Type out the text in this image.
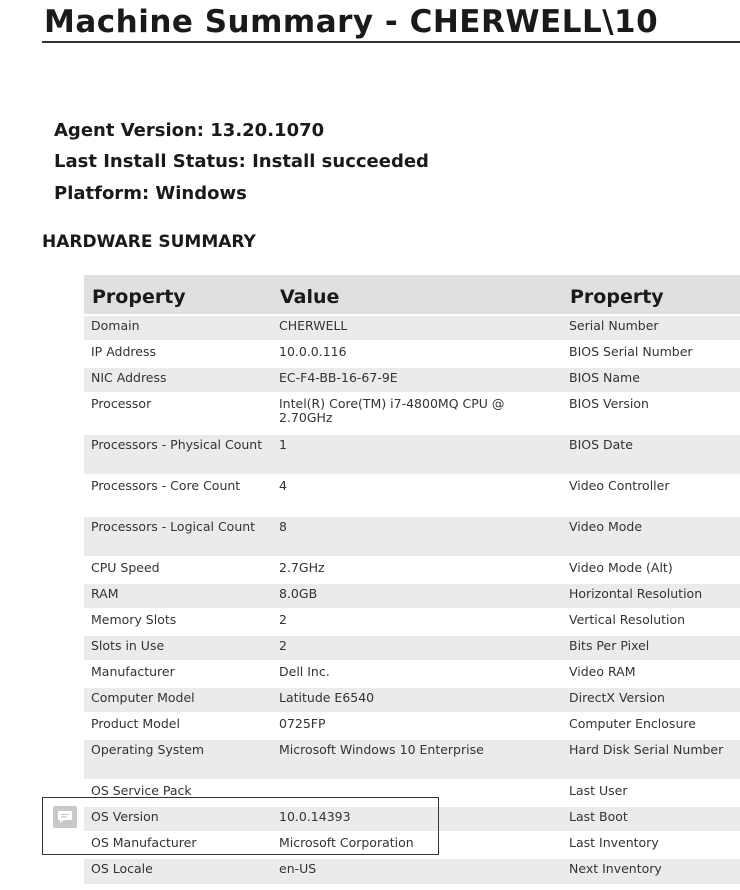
Machine Summary - CHERWELL\10
Agent Version: 13.20.1070
Last Install Status: Install succeeded
Platform: Windows
HARDWARE SUMMARY
Property	Value	Property
Domain	CHERWELL	Serial Number
IP Address	10.0.0.116	BIOS Serial Number
NIC Address	EC-F4-BB-16-67-9E	BIOS Name
Processor	Intel(R) Core(TM) i7-4800MQ CPU @ 2.70GHz	BIOS Version
Processors - Physical Count	1	BIOS Date
Processors - Core Count	4	Video Controller
Processors - Logical Count	8	Video Mode
CPU Speed	2.7GHz	Video Mode (Alt)
RAM	8.0GB	Horizontal Resolution
Memory Slots	2	Vertical Resolution
Slots in Use	2	Bits Per Pixel
Manufacturer	Dell Inc.	Video RAM
Computer Model	Latitude E6540	DirectX Version
Product Model	0725FP	Computer Enclosure
Operating System	Microsoft Windows 10 Enterprise	Hard Disk Serial Number
OS Service Pack		Last User
OS Version	10.0.14393	Last Boot
OS Manufacturer	Microsoft Corporation	Last Inventory
OS Locale	en-US	Next Inventory
